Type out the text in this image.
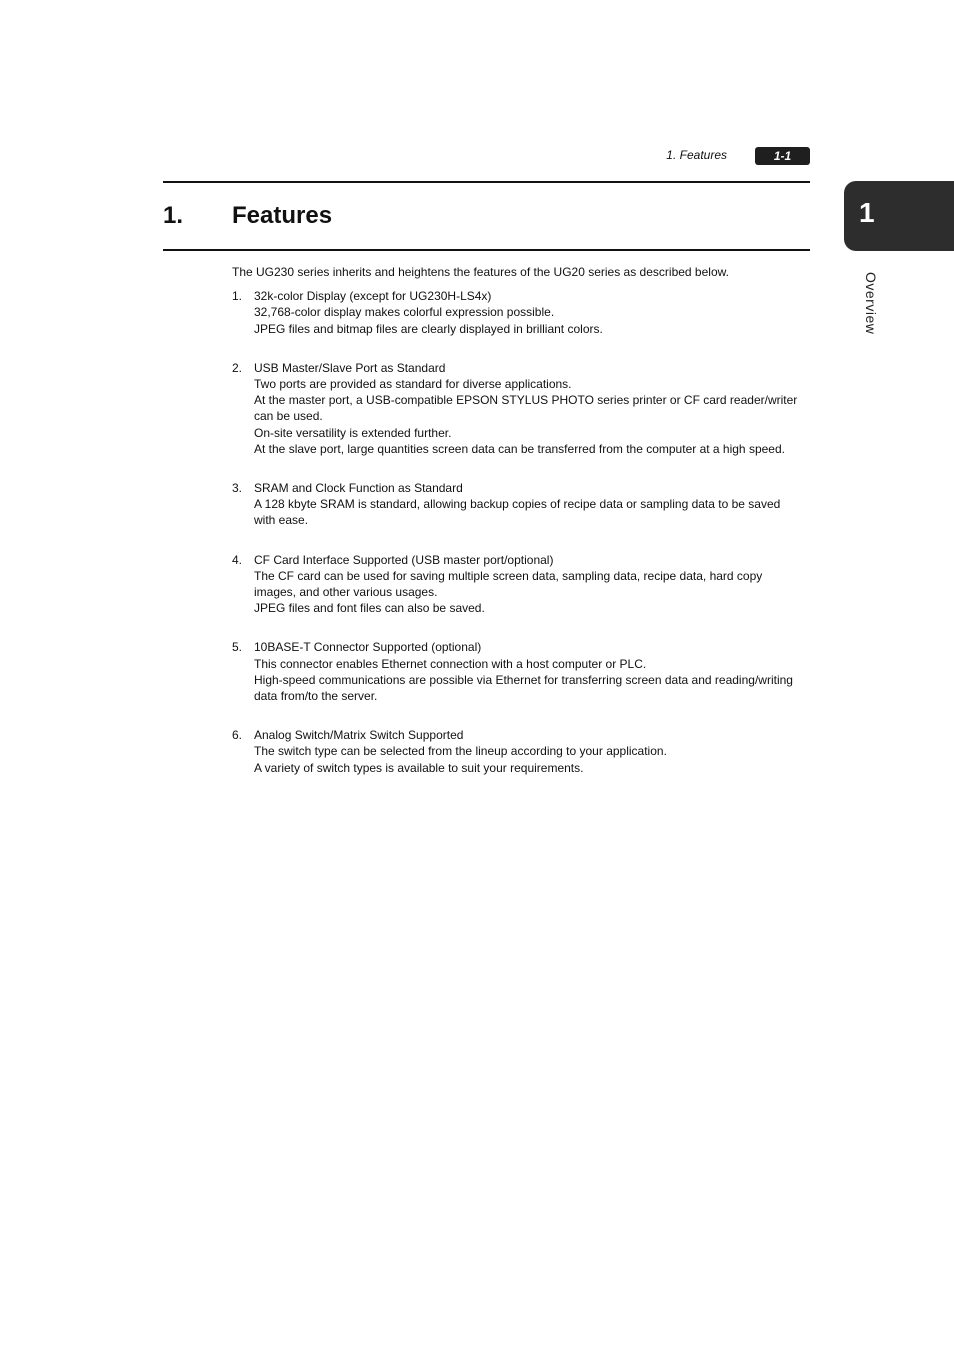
1. Features	1-1
1. Features	1
Overview

The UG230 series inherits and heightens the features of the UG20 series as described below.

1. 32k-color Display (except for UG230H-LS4x)

32,768-color display makes colorful expression possible.

JPEG files and bitmap files are clearly displayed in brilliant colors.

2. USB Master/Slave Port as Standard

Two ports are provided as standard for diverse applications.

At the master port, a USB-compatible EPSON STYLUS PHOTO series printer or CF card reader/writer can be used.

On-site versatility is extended further.

At the slave port, large quantities screen data can be transferred from the computer at a high speed.

3. SRAM and Clock Function as Standard

A 128 kbyte SRAM is standard, allowing backup copies of recipe data or sampling data to be saved with ease.

4. CF Card Interface Supported (USB master port/optional)

The CF card can be used for saving multiple screen data, sampling data, recipe data, hard copy images, and other various usages.

JPEG files and font files can also be saved.

5. 10BASE-T Connector Supported (optional)

This connector enables Ethernet connection with a host computer or PLC.

High-speed communications are possible via Ethernet for transferring screen data and reading/writing data from/to the server.

6. Analog Switch/Matrix Switch Supported

The switch type can be selected from the lineup according to your application.

A variety of switch types is available to suit your requirements.
